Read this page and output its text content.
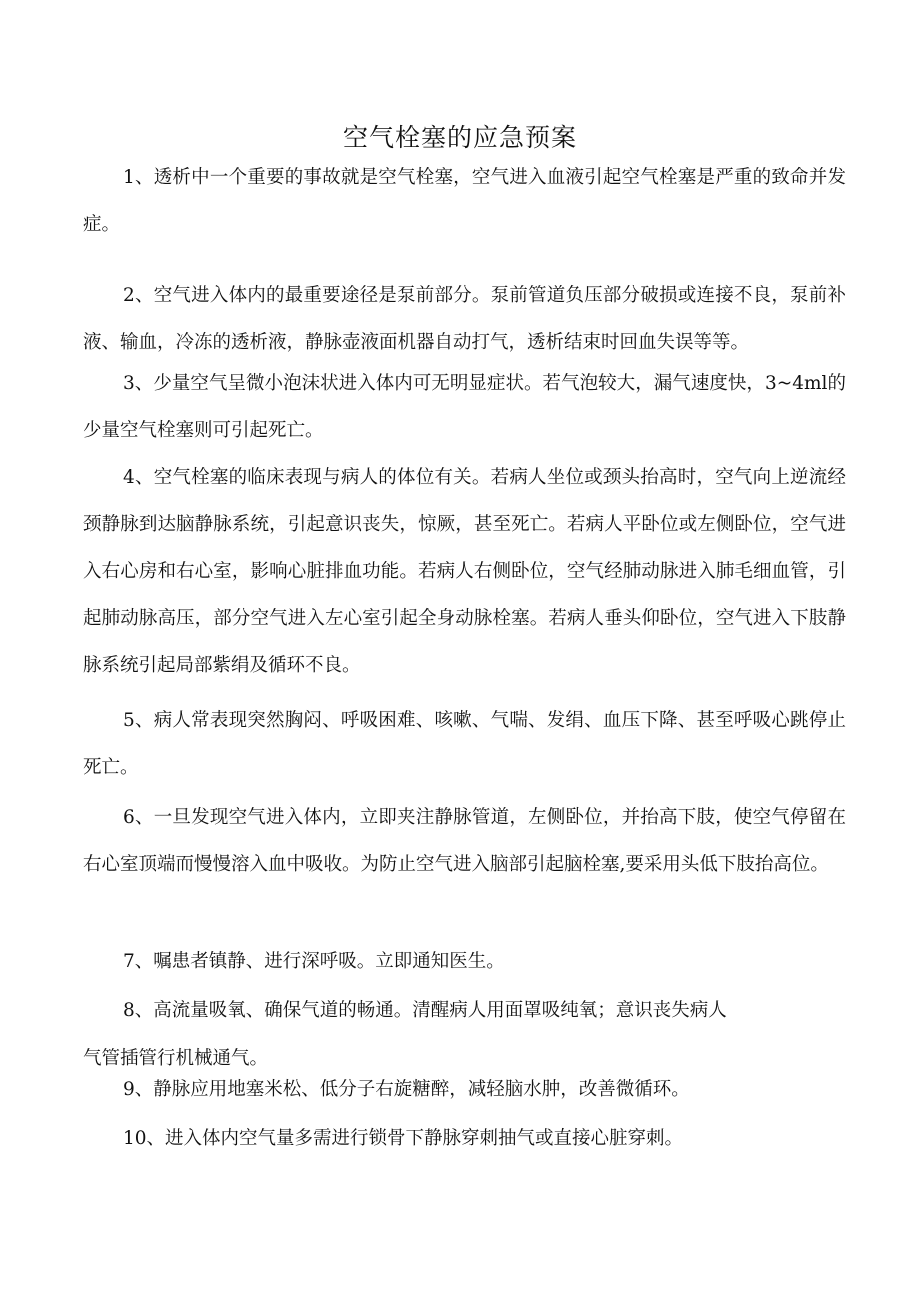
空气栓塞的应急预案

1、透析中一个重要的事故就是空气栓塞，空气进入血液引起空气栓塞是严重的致命并发症。

2、空气进入体内的最重要途径是泵前部分。泵前管道负压部分破损或连接不良，泵前补液、输血，冷冻的透析液，静脉壶液面机器自动打气，透析结束时回血失误等等。

3、少量空气呈微小泡沫状进入体内可无明显症状。若气泡较大，漏气速度快，3~4ml的少量空气栓塞则可引起死亡。

4、空气栓塞的临床表现与病人的体位有关。若病人坐位或颈头抬高时，空气向上逆流经颈静脉到达脑静脉系统，引起意识丧失，惊厥，甚至死亡。若病人平卧位或左侧卧位，空气进入右心房和右心室，影响心脏排血功能。若病人右侧卧位，空气经肺动脉进入肺毛细血管，引起肺动脉高压，部分空气进入左心室引起全身动脉栓塞。若病人垂头仰卧位，空气进入下肢静脉系统引起局部紫绢及循环不良。

5、病人常表现突然胸闷、呼吸困难、咳嗽、气喘、发绢、血压下降、甚至呼吸心跳停止死亡。

6、一旦发现空气进入体内，立即夹注静脉管道，左侧卧位，并抬高下肢，使空气停留在右心室顶端而慢慢溶入血中吸收。为防止空气进入脑部引起脑栓塞,要采用头低下肢抬高位。

7、嘱患者镇静、进行深呼吸。立即通知医生。

8、高流量吸氧、确保气道的畅通。清醒病人用面罩吸纯氧；意识丧失病人

气管插管行机械通气。

9、静脉应用地塞米松、低分子右旋糖醉，减轻脑水肿，改善微循环。

10、进入体内空气量多需进行锁骨下静脉穿刺抽气或直接心脏穿刺。
